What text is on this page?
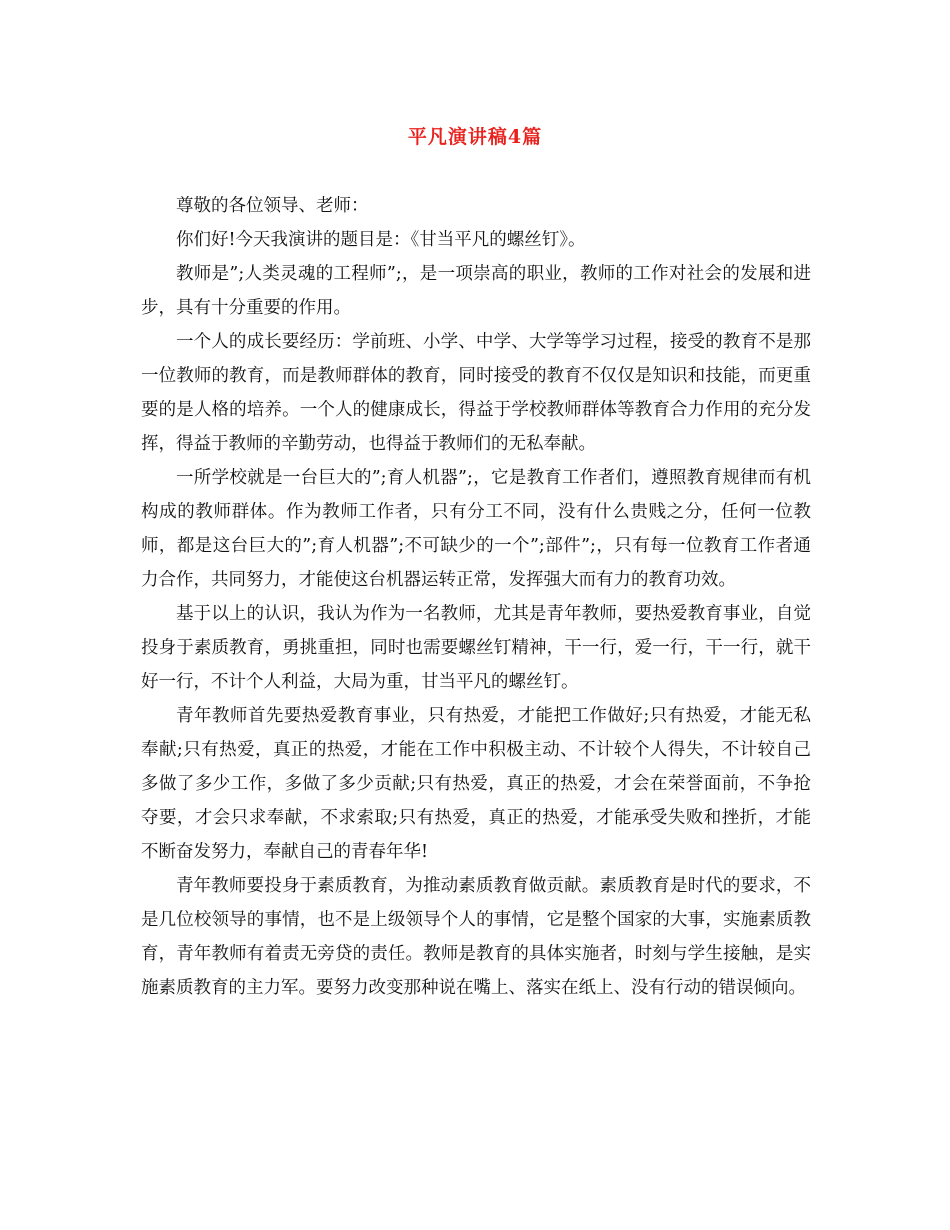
平凡演讲稿4篇

尊敬的各位领导、老师：

你们好!今天我演讲的题目是：《甘当平凡的螺丝钉》。

教师是”;人类灵魂的工程师”;，是一项崇高的职业，教师的工作对社会的发展和进步，具有十分重要的作用。

一个人的成长要经历：学前班、小学、中学、大学等学习过程，接受的教育不是那一位教师的教育，而是教师群体的教育，同时接受的教育不仅仅是知识和技能，而更重要的是人格的培养。一个人的健康成长，得益于学校教师群体等教育合力作用的充分发挥，得益于教师的辛勤劳动，也得益于教师们的无私奉献。

一所学校就是一台巨大的”;育人机器”;，它是教育工作者们，遵照教育规律而有机构成的教师群体。作为教师工作者，只有分工不同，没有什么贵贱之分，任何一位教师，都是这台巨大的”;育人机器”;不可缺少的一个”;部件”;，只有每一位教育工作者通力合作，共同努力，才能使这台机器运转正常，发挥强大而有力的教育功效。

基于以上的认识，我认为作为一名教师，尤其是青年教师，要热爱教育事业，自觉投身于素质教育，勇挑重担，同时也需要螺丝钉精神，干一行，爱一行，干一行，就干好一行，不计个人利益，大局为重，甘当平凡的螺丝钉。

青年教师首先要热爱教育事业，只有热爱，才能把工作做好;只有热爱，才能无私奉献;只有热爱，真正的热爱，才能在工作中积极主动、不计较个人得失，不计较自己多做了多少工作，多做了多少贡献;只有热爱，真正的热爱，才会在荣誉面前，不争抢夺要，才会只求奉献，不求索取;只有热爱，真正的热爱，才能承受失败和挫折，才能不断奋发努力，奉献自己的青春年华!

青年教师要投身于素质教育，为推动素质教育做贡献。素质教育是时代的要求，不是几位校领导的事情，也不是上级领导个人的事情，它是整个国家的大事，实施素质教育，青年教师有着责无旁贷的责任。教师是教育的具体实施者，时刻与学生接触，是实施素质教育的主力军。要努力改变那种说在嘴上、落实在纸上、没有行动的错误倾向。
